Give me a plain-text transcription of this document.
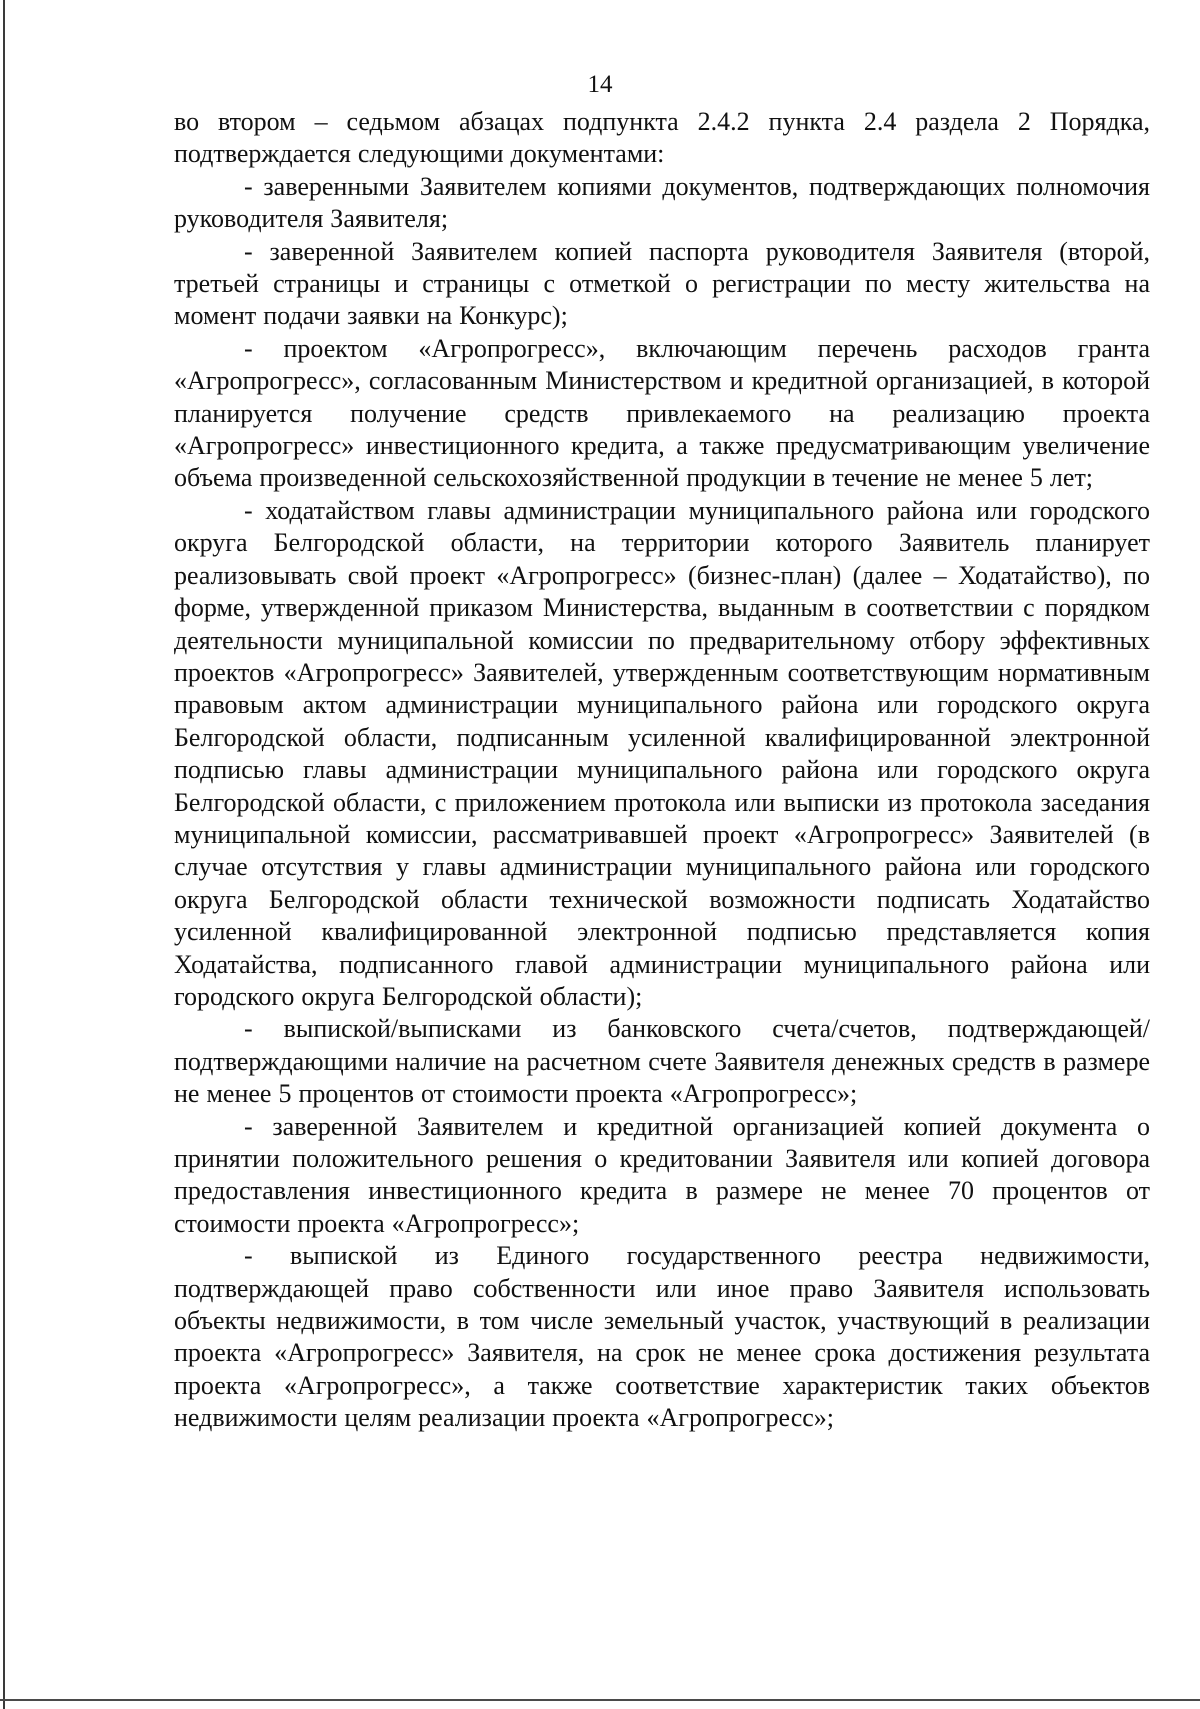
14

во втором – седьмом абзацах подпункта 2.4.2 пункта 2.4 раздела 2 Порядка, подтверждается следующими документами:

- заверенными Заявителем копиями документов, подтверждающих полномочия руководителя Заявителя;

- заверенной Заявителем копией паспорта руководителя Заявителя (второй, третьей страницы и страницы с отметкой о регистрации по месту жительства на момент подачи заявки на Конкурс);

- проектом «Агропрогресс», включающим перечень расходов гранта «Агропрогресс», согласованным Министерством и кредитной организацией, в которой планируется получение средств привлекаемого на реализацию проекта «Агропрогресс» инвестиционного кредита, а также предусматривающим увеличение объема произведенной сельскохозяйственной продукции в течение не менее 5 лет;

- ходатайством главы администрации муниципального района или городского округа Белгородской области, на территории которого Заявитель планирует реализовывать свой проект «Агропрогресс» (бизнес-план) (далее – Ходатайство), по форме, утвержденной приказом Министерства, выданным в соответствии с порядком деятельности муниципальной комиссии по предварительному отбору эффективных проектов «Агропрогресс» Заявителей, утвержденным соответствующим нормативным правовым актом администрации муниципального района или городского округа Белгородской области, подписанным усиленной квалифицированной электронной подписью главы администрации муниципального района или городского округа Белгородской области, с приложением протокола или выписки из протокола заседания муниципальной комиссии, рассматривавшей проект «Агропрогресс» Заявителей (в случае отсутствия у главы администрации муниципального района или городского округа Белгородской области технической возможности подписать Ходатайство усиленной квалифицированной электронной подписью представляется копия Ходатайства, подписанного главой администрации муниципального района или городского округа Белгородской области);

- выпиской/выписками из банковского счета/счетов, подтверждающей/подтверждающими наличие на расчетном счете Заявителя денежных средств в размере не менее 5 процентов от стоимости проекта «Агропрогресс»;

- заверенной Заявителем и кредитной организацией копией документа о принятии положительного решения о кредитовании Заявителя или копией договора предоставления инвестиционного кредита в размере не менее 70 процентов от стоимости проекта «Агропрогресс»;

- выпиской из Единого государственного реестра недвижимости, подтверждающей право собственности или иное право Заявителя использовать объекты недвижимости, в том числе земельный участок, участвующий в реализации проекта «Агропрогресс» Заявителя, на срок не менее срока достижения результата проекта «Агропрогресс», а также соответствие характеристик таких объектов недвижимости целям реализации проекта «Агропрогресс»;
